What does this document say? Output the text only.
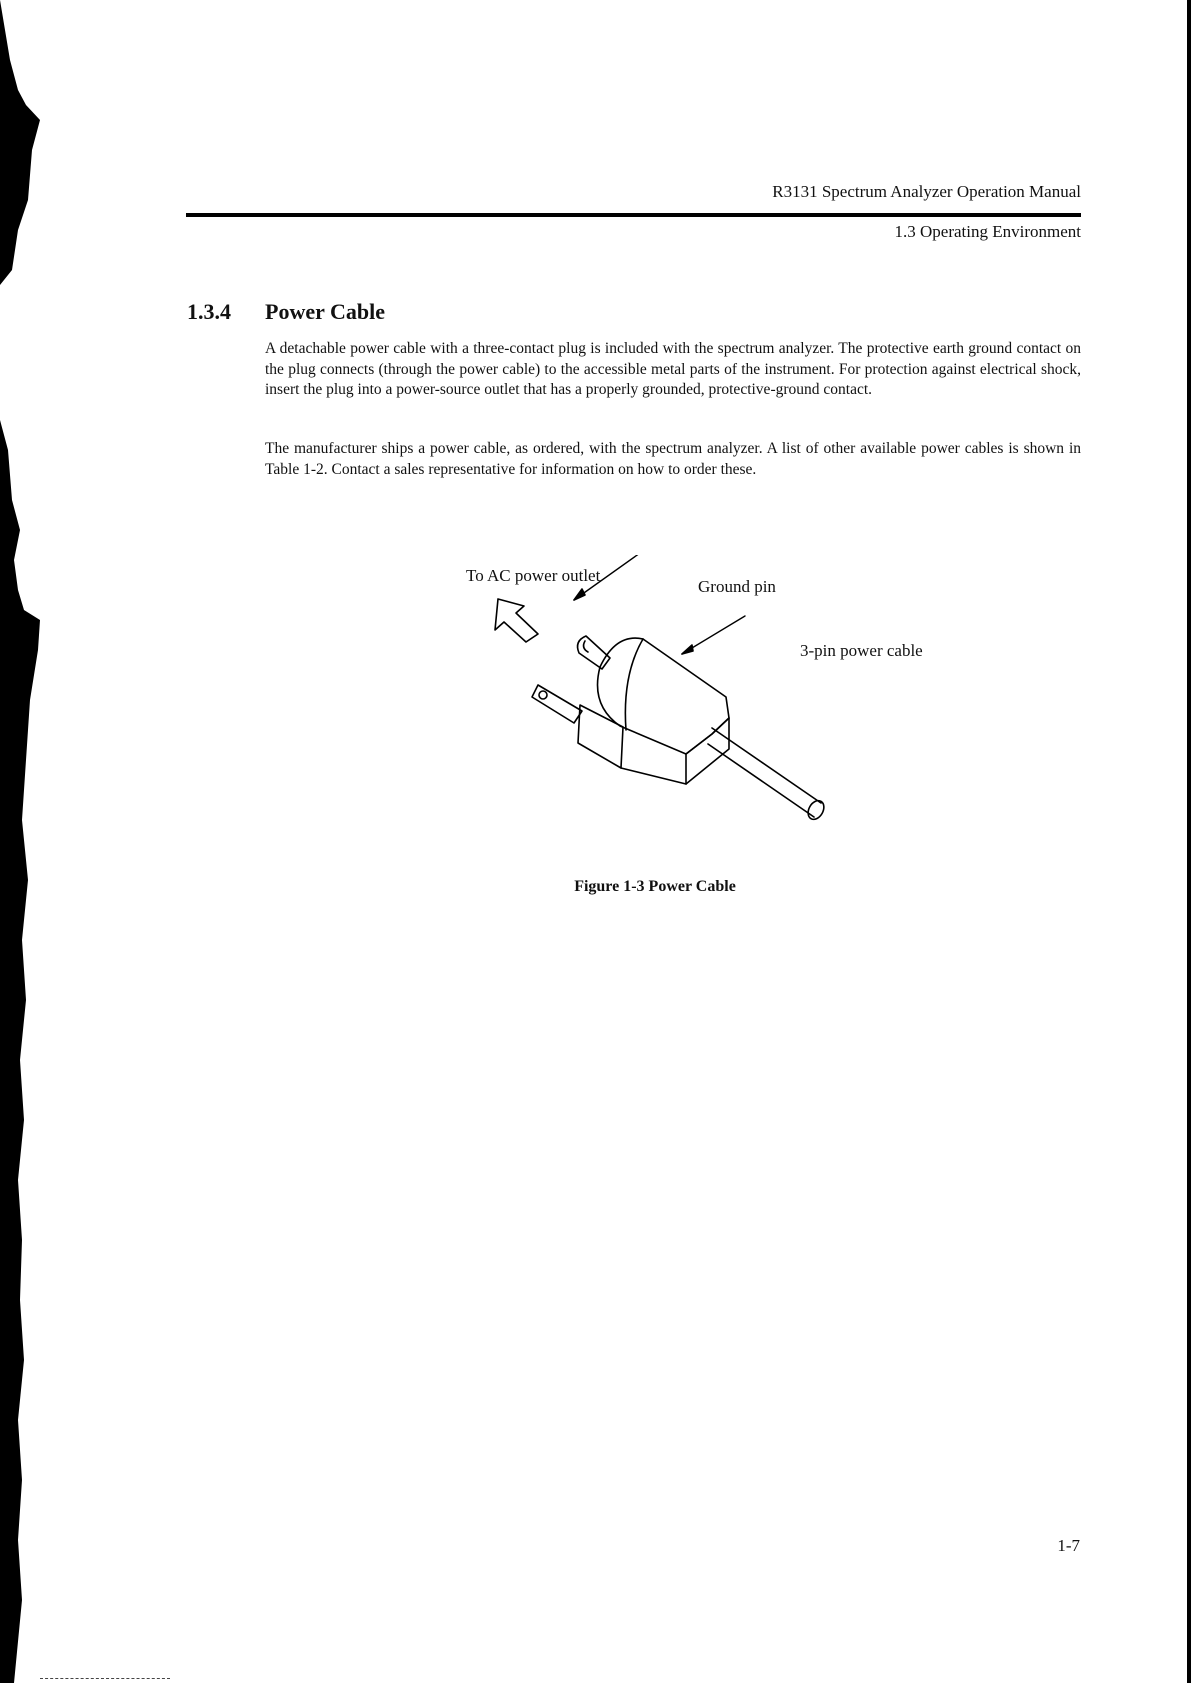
R3131 Spectrum Analyzer Operation Manual
1.3 Operating Environment
1.3.4 Power Cable
A detachable power cable with a three-contact plug is included with the spectrum analyzer. The protective earth ground contact on the plug connects (through the power cable) to the accessible metal parts of the instrument. For protection against electrical shock, insert the plug into a power-source outlet that has a properly grounded, protective-ground contact.
The manufacturer ships a power cable, as ordered, with the spectrum analyzer. A list of other available power cables is shown in Table 1-2. Contact a sales representative for information on how to order these.
To AC power outlet
Ground pin
3-pin power cable
Figure 1-3 Power Cable
1-7
